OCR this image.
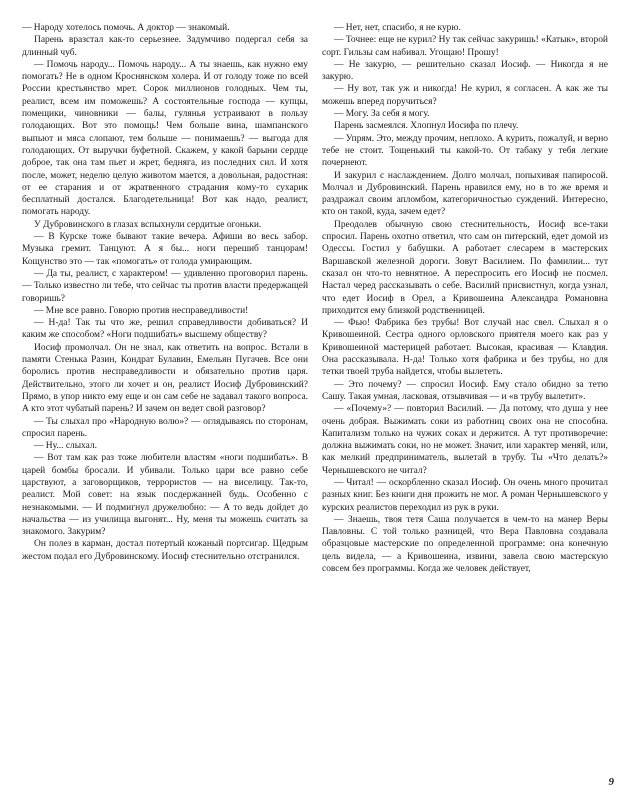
— Народу хотелось помочь. А доктор — знакомый.

Парень вразстал как-то серьезнее. Задумчиво подергал себя за длинный чуб.

— Помочь народу... Помочь народу... А ты знаешь, как нужно ему помогать? Не в одном Кроснянском холера. И от голоду тоже по всей России крестьянство мрет. Сорок миллионов голодных. Чем ты, реалист, всем им поможешь? А состоятельные господа — купцы, помещики, чиновники — балы, гулянья устраивают в пользу голодающих. Вот это помощь! Чем больше вина, шампанского выпьют и мяса слопают, тем больше — понимаешь? — выгода для голодающих. От выручки буфетной. Скажем, у какой барыни сердце доброе, так она там пьет и жрет, бедняга, из последних сил. И хотя после, может, неделю целую животом мается, а довольная, радостная: от ее старания и от жратвенного страдания кому-то сухарик бесплатный достался. Благодетельница! Вот как надо, реалист, помогать народу.

У Дубровинского в глазах вспыхнули сердитые огоньки.

— В Курске тоже бывают такие вечера. Афиши во весь забор. Музыка гремит. Танцуют. А я бы... ноги перешиб танцорам! Кощунство это — так «помогать» от голода умирающим.

— Да ты, реалист, с характером! — удивленно проговорил парень. — Только известно ли тебе, что сейчас ты против власти предержащей говоришь?

— Мне все равно. Говорю против несправедливости!

— Н-да! Так ты что же, решил справедливости добиваться? И каким же способом? «Ноги подшибать» высшему обществу?

Иосиф промолчал. Он не знал, как ответить на вопрос. Встали в памяти Стенька Разин, Кондрат Булавин, Емельян Пугачев. Все они боролись против несправедливости и обязательно против царя. Действительно, этого ли хочет и он, реалист Иосиф Дубровинский? Прямо, в упор никто ему еще и он сам себе не задавал такого вопроса. А кто этот чубатый парень? И зачем он ведет свой разговор?

— Ты слыхал про «Народную волю»? — оглядываясь по сторонам, спросил парень.

— Ну... слыхал.

— Вот там как раз тоже любители властям «ноги подшибать». В царей бомбы бросали. И убивали. Только цари все равно себе царствуют, а заговорщиков, террористов — на виселицу. Так-то, реалист. Мой совет: на язык посдержанней будь. Особенно с незнакомыми. — И подмигнул дружелюбно: — А то ведь дойдет до начальства — из училища выгонят... Ну, меня ты можешь считать за знакомого. Закурим?

Он полез в карман, достал потертый кожаный портсигар. Щедрым жестом подал его Дубровинскому. Иосиф стеснительно отстранился.

— Нет, нет, спасибо, я не курю.

— Точнее: еще не курил? Ну так сейчас закуришь! «Катык», второй сорт. Гильзы сам набивал. Угощаю! Прошу!

— Не закурю, — решительно сказал Иосиф. — Никогда я не закурю.

— Ну вот, так уж и никогда! Не курил, я согласен. А как же ты можешь вперед поручиться?

— Могу. За себя я могу.

Парень засмеялся. Хлопнул Иосифа по плечу.

— Упрям. Это, между прочим, неплохо. А курить, пожалуй, и верно тебе не стоит. Тощенький ты какой-то. От табаку у тебя легкие почернеют.

И закурил с наслаждением. Долго молчал, попыхивая папиросой. Молчал и Дубровинский. Парень нравился ему, но в то же время и раздражал своим апломбом, категоричностью суждений. Интересно, кто он такой, куда, зачем едет?

Преодолев обычную свою стеснительность, Иосиф все-таки спросил. Парень охотно ответил, что сам он питерский, едет домой из Одессы. Гостил у бабушки. А работает слесарем в мастерских Варшавской железной дороги. Зовут Василием. По фамилии... тут сказал он что-то невнятное. А переспросить его Иосиф не посмел. Настал черед рассказывать о себе. Василий присвистнул, когда узнал, что едет Иосиф в Орел, а Кривошеина Александра Романовна приходится ему близкой родственницей.

— Фью! Фабрика без трубы! Вот случай нас свел. Слыхал я о Кривошеиной. Сестра одного орловского приятеля моего как раз у Кривошеиной мастерицей работает. Высокая, красивая — Клавдия. Она рассказывала. Н-да! Только хотя фабрика и без трубы, но для тетки твоей труба найдется, чтобы вылететь.

— Это почему? — спросил Иосиф. Ему стало обидно за тетю Сашу. Такая умная, ласковая, отзывчивая — и «в трубу вылетит».

— «Почему»? — повторил Василий. — Да потому, что душа у нее очень добрая. Выжимать соки из работниц своих она не способна. Капитализм только на чужих соках и держится. А тут противоречие: должна выжимать соки, но не может. Значит, или характер меняй, или, как мелкий предприниматель, вылетай в трубу. Ты «Что делать?» Чернышевского не читал?

— Читал! — оскорбленно сказал Иосиф. Он очень много прочитал разных книг. Без книги дня прожить не мог. А роман Чернышевского у курских реалистов переходил из рук в руки.

— Знаешь, твоя тетя Саша получается в чем-то на манер Веры Павловны. С той только разницей, что Вера Павловна создавала образцовые мастерские по определенной программе: она конечную цель видела, — а Кривошеина, извини, завела свою мастерскую совсем без программы. Когда же человек действует,

9
